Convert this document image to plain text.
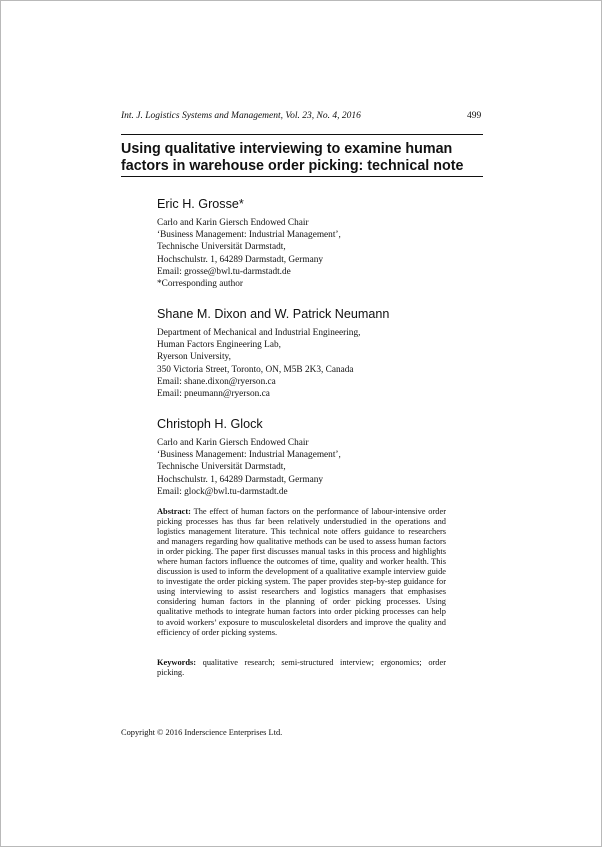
Int. J. Logistics Systems and Management, Vol. 23, No. 4, 2016	499
Using qualitative interviewing to examine human
factors in warehouse order picking: technical note
Eric H. Grosse*
Carlo and Karin Giersch Endowed Chair
‘Business Management: Industrial Management’,
Technische Universität Darmstadt,
Hochschulstr. 1, 64289 Darmstadt, Germany
Email: grosse@bwl.tu-darmstadt.de
*Corresponding author
Shane M. Dixon and W. Patrick Neumann
Department of Mechanical and Industrial Engineering,
Human Factors Engineering Lab,
Ryerson University,
350 Victoria Street, Toronto, ON, M5B 2K3, Canada
Email: shane.dixon@ryerson.ca
Email: pneumann@ryerson.ca
Christoph H. Glock
Carlo and Karin Giersch Endowed Chair
‘Business Management: Industrial Management’,
Technische Universität Darmstadt,
Hochschulstr. 1, 64289 Darmstadt, Germany
Email: glock@bwl.tu-darmstadt.de
Abstract: The effect of human factors on the performance of labour-intensive order picking processes has thus far been relatively understudied in the operations and logistics management literature. This technical note offers guidance to researchers and managers regarding how qualitative methods can be used to assess human factors in order picking. The paper first discusses manual tasks in this process and highlights where human factors influence the outcomes of time, quality and worker health. This discussion is used to inform the development of a qualitative example interview guide to investigate the order picking system. The paper provides step-by-step guidance for using interviewing to assist researchers and logistics managers that emphasises considering human factors in the planning of order picking processes. Using qualitative methods to integrate human factors into order picking processes can help to avoid workers’ exposure to musculoskeletal disorders and improve the quality and efficiency of order picking systems.
Keywords: qualitative research; semi-structured interview; ergonomics; order picking.
Copyright © 2016 Inderscience Enterprises Ltd.
